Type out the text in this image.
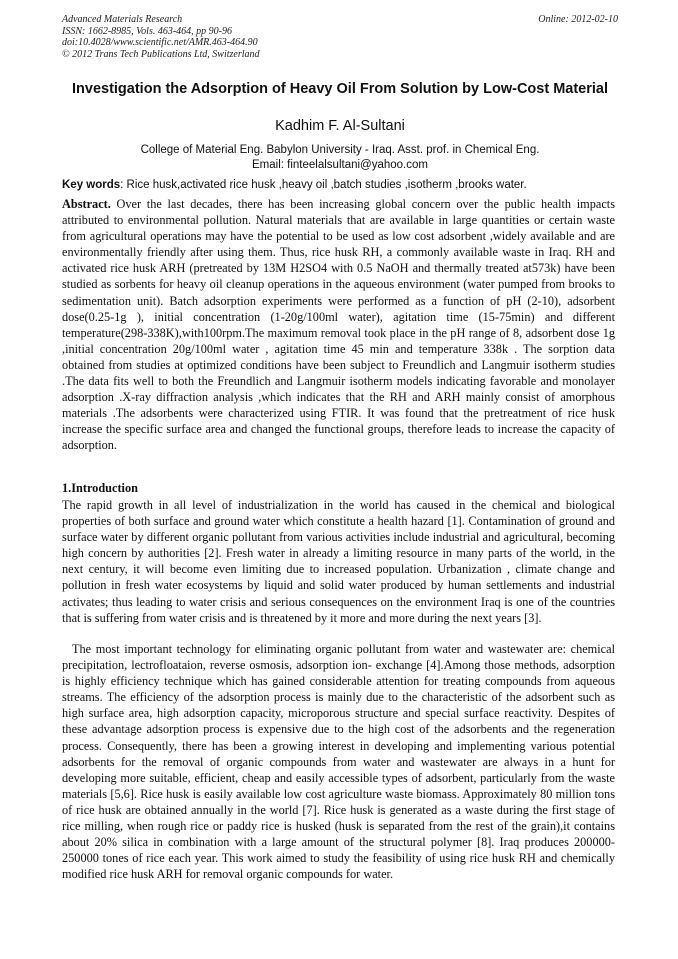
Advanced Materials Research
ISSN: 1662-8985, Vols. 463-464, pp 90-96
doi:10.4028/www.scientific.net/AMR.463-464.90
© 2012 Trans Tech Publications Ltd, Switzerland
Online: 2012-02-10
Investigation the Adsorption of Heavy Oil From Solution by Low-Cost Material
Kadhim F. Al-Sultani
College of Material Eng. Babylon University - Iraq. Asst. prof. in Chemical Eng.
Email: finteelalsultani@yahoo.com
Key words: Rice husk,activated rice husk ,heavy oil ,batch studies ,isotherm ,brooks water.

Abstract. Over the last decades, there has been increasing global concern over the public health impacts attributed to environmental pollution. Natural materials that are available in large quantities or certain waste from agricultural operations may have the potential to be used as low cost adsorbent ,widely available and are environmentally friendly after using them. Thus, rice husk RH, a commonly available waste in Iraq. RH and activated rice husk ARH (pretreated by 13M H2SO4 with 0.5 NaOH and thermally treated at573k) have been studied as sorbents for heavy oil cleanup operations in the aqueous environment (water pumped from brooks to sedimentation unit). Batch adsorption experiments were performed as a function of pH (2-10), adsorbent dose(0.25-1g ), initial concentration (1-20g/100ml water), agitation time (15-75min) and different temperature(298-338K),with100rpm.The maximum removal took place in the pH range of 8, adsorbent dose 1g ,initial concentration 20g/100ml water , agitation time 45 min and temperature 338k . The sorption data obtained from studies at optimized conditions have been subject to Freundlich and Langmuir isotherm studies .The data fits well to both the Freundlich and Langmuir isotherm models indicating favorable and monolayer adsorption .X-ray diffraction analysis ,which indicates that the RH and ARH mainly consist of amorphous materials .The adsorbents were characterized using FTIR. It was found that the pretreatment of rice husk increase the specific surface area and changed the functional groups, therefore leads to increase the capacity of adsorption.

1.Introduction

The rapid growth in all level of industrialization in the world has caused in the chemical and biological properties of both surface and ground water which constitute a health hazard [1]. Contamination of ground and surface water by different organic pollutant from various activities include industrial and agricultural, becoming high concern by authorities [2]. Fresh water in already a limiting resource in many parts of the world, in the next century, it will become even limiting due to increased population. Urbanization , climate change and pollution in fresh water ecosystems by liquid and solid water produced by human settlements and industrial activates; thus leading to water crisis and serious consequences on the environment Iraq is one of the countries that is suffering from water crisis and is threatened by it more and more during the next years [3].

The most important technology for eliminating organic pollutant from water and wastewater are: chemical precipitation, lectrofloataion, reverse osmosis, adsorption ion- exchange [4].Among those methods, adsorption is highly efficiency technique which has gained considerable attention for treating compounds from aqueous streams. The efficiency of the adsorption process is mainly due to the characteristic of the adsorbent such as high surface area, high adsorption capacity, microporous structure and special surface reactivity. Despites of these advantage adsorption process is expensive due to the high cost of the adsorbents and the regeneration process. Consequently, there has been a growing interest in developing and implementing various potential adsorbents for the removal of organic compounds from water and wastewater are always in a hunt for developing more suitable, efficient, cheap and easily accessible types of adsorbent, particularly from the waste materials [5,6]. Rice husk is easily available low cost agriculture waste biomass. Approximately 80 million tons of rice husk are obtained annually in the world [7]. Rice husk is generated as a waste during the first stage of rice milling, when rough rice or paddy rice is husked (husk is separated from the rest of the grain),it contains about 20% silica in combination with a large amount of the structural polymer [8]. Iraq produces 200000-250000 tones of rice each year. This work aimed to study the feasibility of using rice husk RH and chemically modified rice husk ARH for removal organic compounds for water.
